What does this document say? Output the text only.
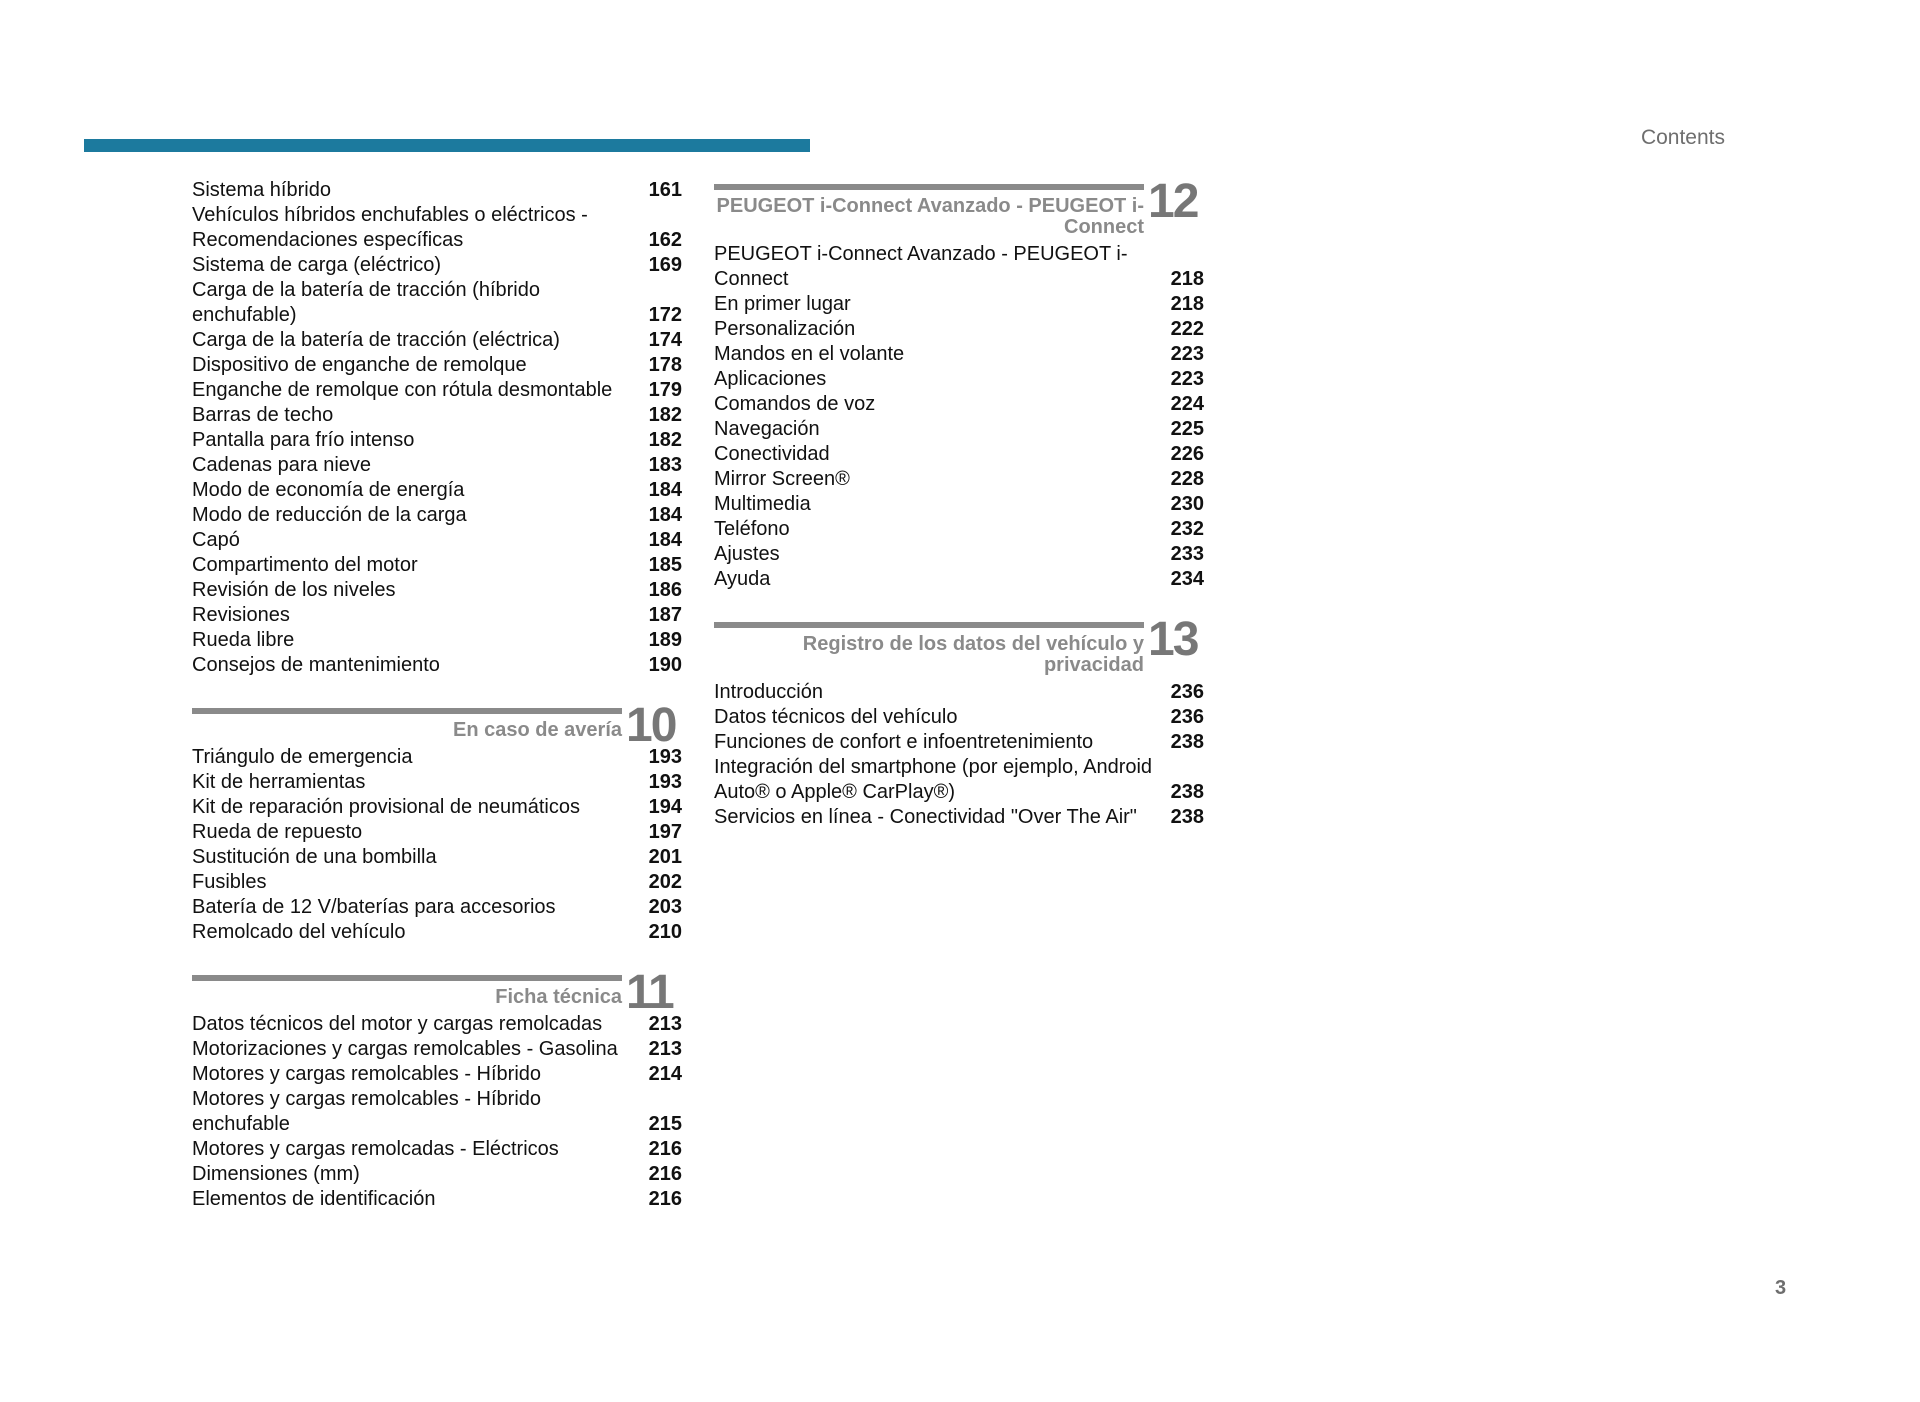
Contents
Sistema híbrido	161
Vehículos híbridos enchufables o eléctricos - Recomendaciones específicas	162
Sistema de carga (eléctrico)	169
Carga de la batería de tracción (híbrido enchufable)	172
Carga de la batería de tracción (eléctrica)	174
Dispositivo de enganche de remolque	178
Enganche de remolque con rótula desmontable	179
Barras de techo	182
Pantalla para frío intenso	182
Cadenas para nieve	183
Modo de economía de energía	184
Modo de reducción de la carga	184
Capó	184
Compartimento del motor	185
Revisión de los niveles	186
Revisiones	187
Rueda libre	189
Consejos de mantenimiento	190
En caso de avería 10
Triángulo de emergencia	193
Kit de herramientas	193
Kit de reparación provisional de neumáticos	194
Rueda de repuesto	197
Sustitución de una bombilla	201
Fusibles	202
Batería de 12 V/baterías para accesorios	203
Remolcado del vehículo	210
Ficha técnica 11
Datos técnicos del motor y cargas remolcadas	213
Motorizaciones y cargas remolcables - Gasolina	213
Motores y cargas remolcables - Híbrido	214
Motores y cargas remolcables - Híbrido enchufable	215
Motores y cargas remolcadas - Eléctricos	216
Dimensiones (mm)	216
Elementos de identificación	216
PEUGEOT i-Connect Avanzado - PEUGEOT i-Connect 12
PEUGEOT i-Connect Avanzado - PEUGEOT i-Connect	218
En primer lugar	218
Personalización	222
Mandos en el volante	223
Aplicaciones	223
Comandos de voz	224
Navegación	225
Conectividad	226
Mirror Screen®	228
Multimedia	230
Teléfono	232
Ajustes	233
Ayuda	234
Registro de los datos del vehículo y privacidad 13
Introducción	236
Datos técnicos del vehículo	236
Funciones de confort e infoentretenimiento	238
Integración del smartphone (por ejemplo, Android Auto® o Apple® CarPlay®)	238
Servicios en línea - Conectividad "Over The Air"	238
3
